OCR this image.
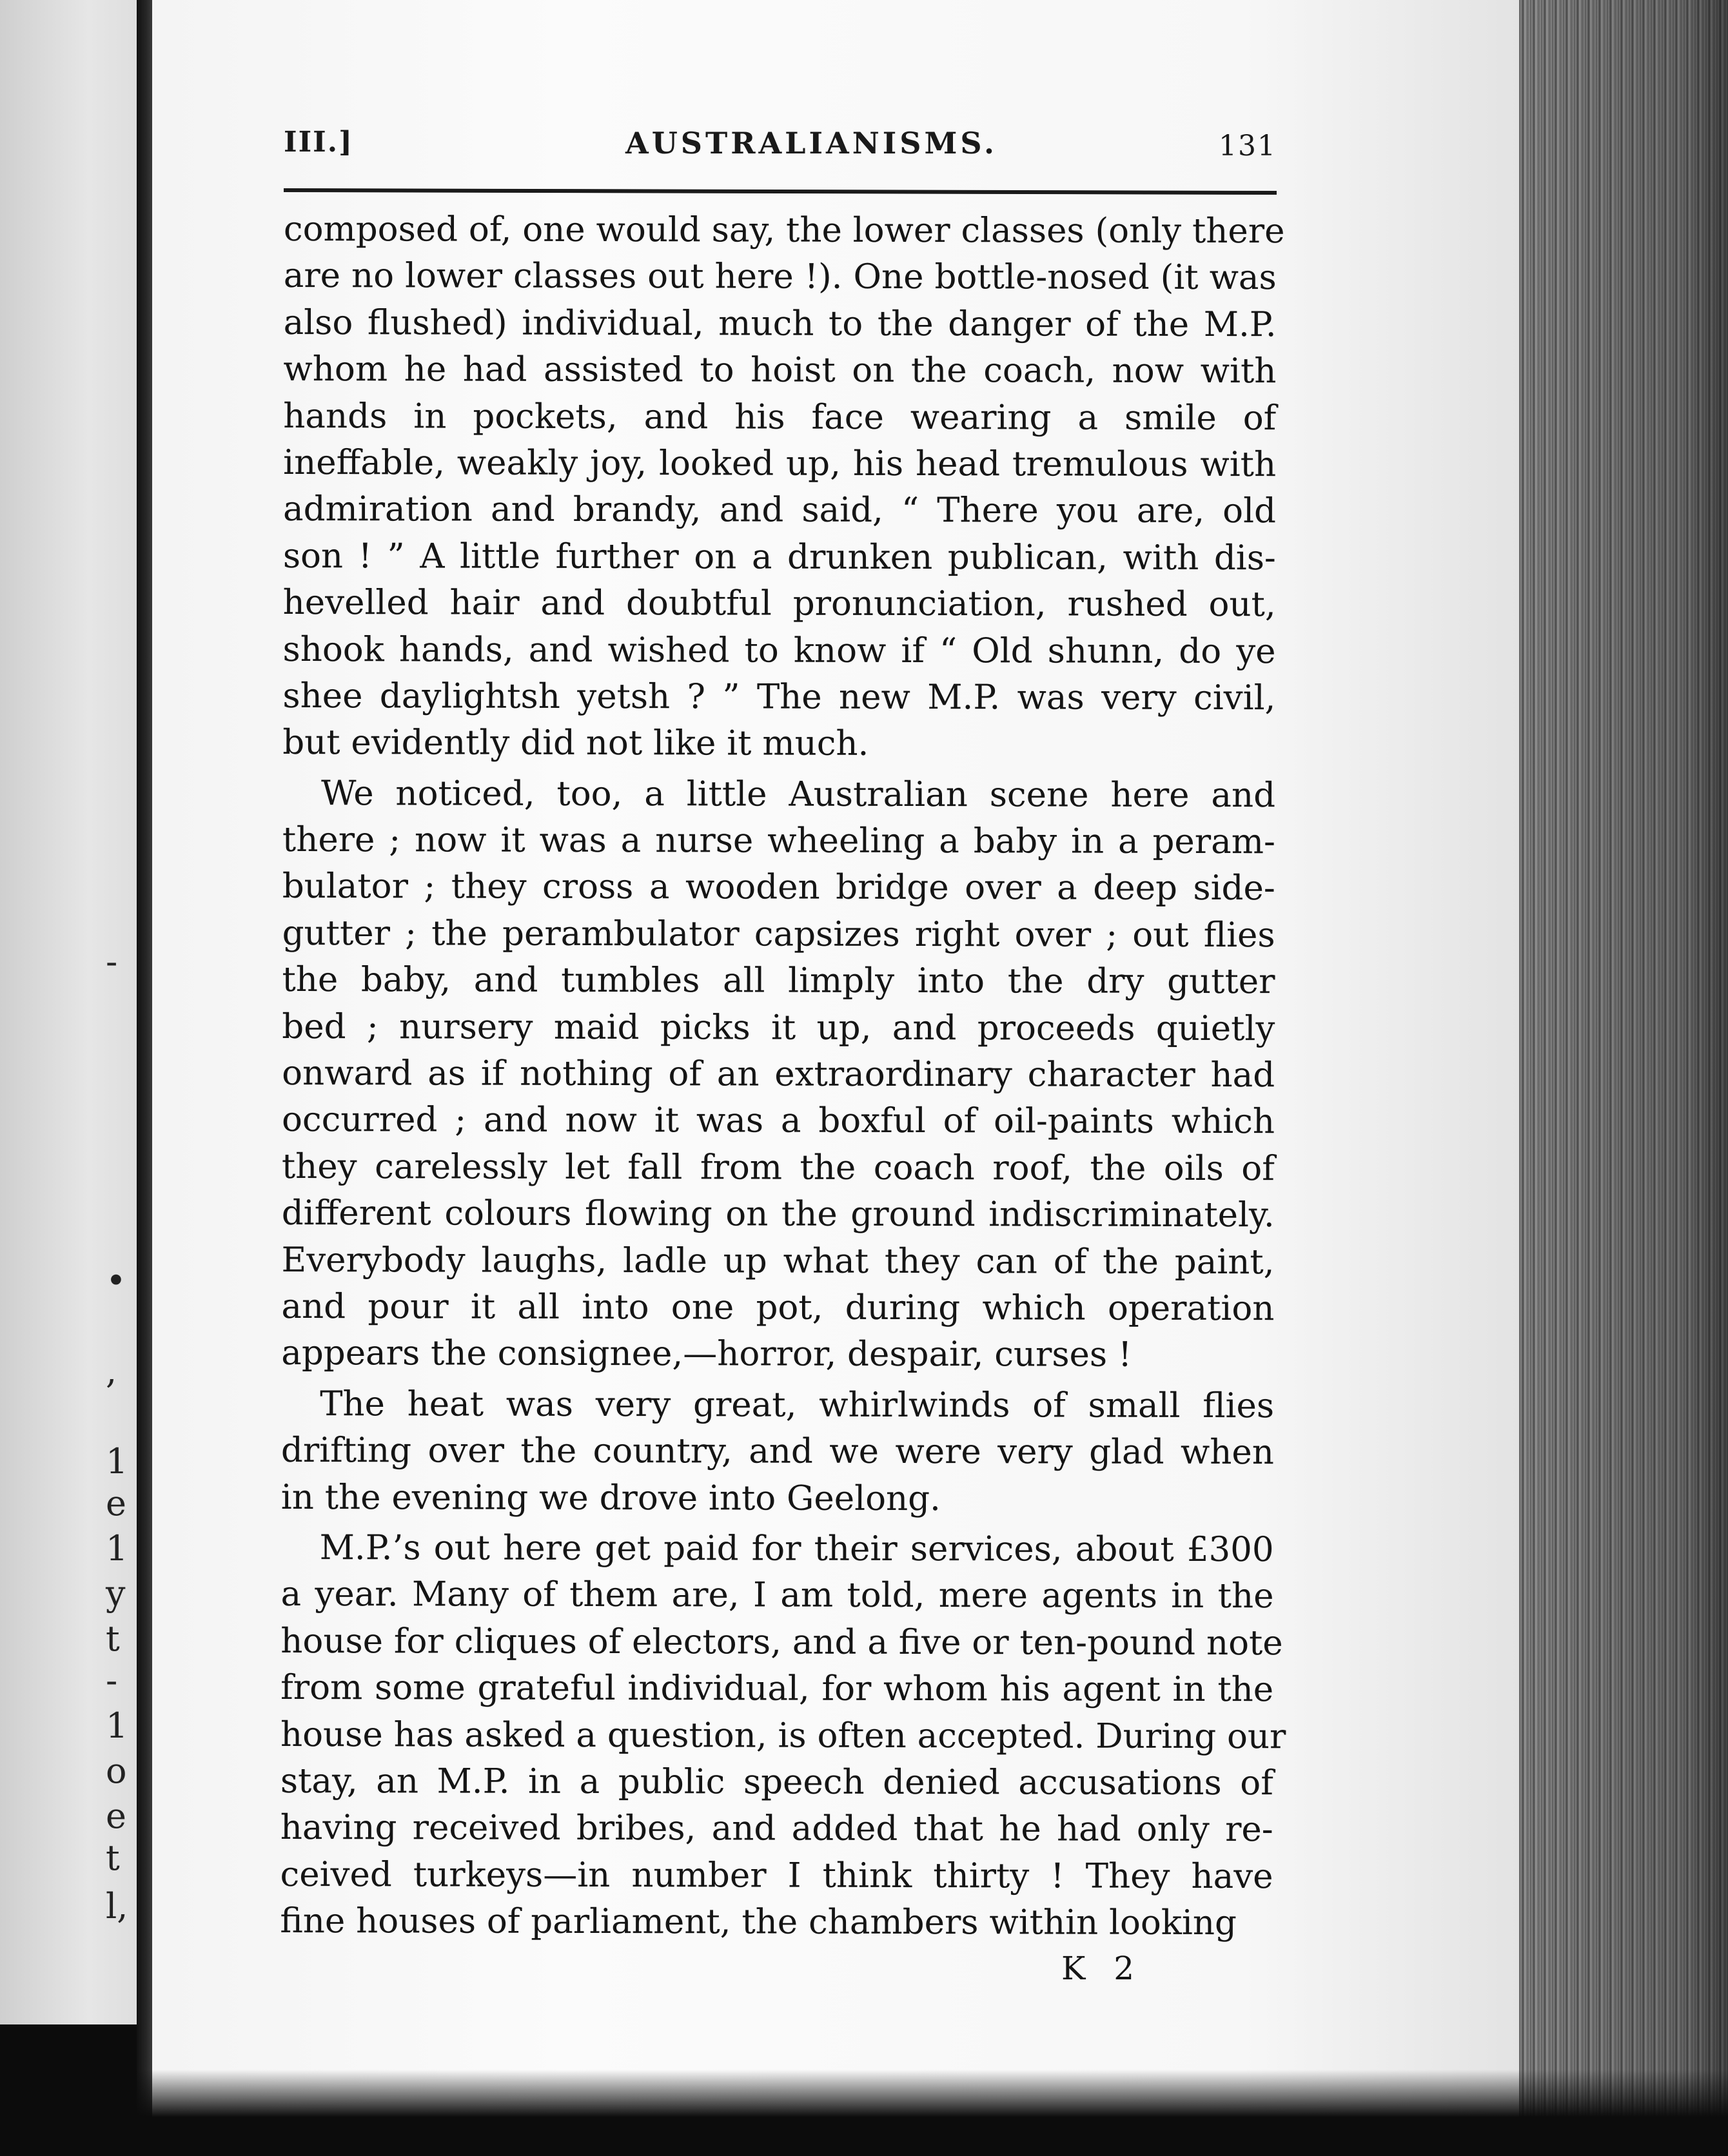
-
•
,
1
e
1
y
t
-
1
o
e
t
l,
III.]	AUSTRALIANISMS.	131
composed of, one would say, the lower classes (only there
are no lower classes out here !). One bottle-nosed (it was
also flushed) individual, much to the danger of the M.P.
whom he had assisted to hoist on the coach, now with
hands in pockets, and his face wearing a smile of
ineffable, weakly joy, looked up, his head tremulous with
admiration and brandy, and said, “ There you are, old
son ! ” A little further on a drunken publican, with dis-
hevelled hair and doubtful pronunciation, rushed out,
shook hands, and wished to know if “ Old shunn, do ye
shee daylightsh yetsh ? ” The new M.P. was very civil,
but evidently did not like it much.
We noticed, too, a little Australian scene here and
there ; now it was a nurse wheeling a baby in a peram-
bulator ; they cross a wooden bridge over a deep side-
gutter ; the perambulator capsizes right over ; out flies
the baby, and tumbles all limply into the dry gutter
bed ; nursery maid picks it up, and proceeds quietly
onward as if nothing of an extraordinary character had
occurred ; and now it was a boxful of oil-paints which
they carelessly let fall from the coach roof, the oils of
different colours flowing on the ground indiscriminately.
Everybody laughs, ladle up what they can of the paint,
and pour it all into one pot, during which operation
appears the consignee,—horror, despair, curses !
The heat was very great, whirlwinds of small flies
drifting over the country, and we were very glad when
in the evening we drove into Geelong.
M.P.’s out here get paid for their services, about £300
a year. Many of them are, I am told, mere agents in the
house for cliques of electors, and a five or ten-pound note
from some grateful individual, for whom his agent in the
house has asked a question, is often accepted. During our
stay, an M.P. in a public speech denied accusations of
having received bribes, and added that he had only re-
ceived turkeys—in number I think thirty ! They have
fine houses of parliament, the chambers within looking
K 2
